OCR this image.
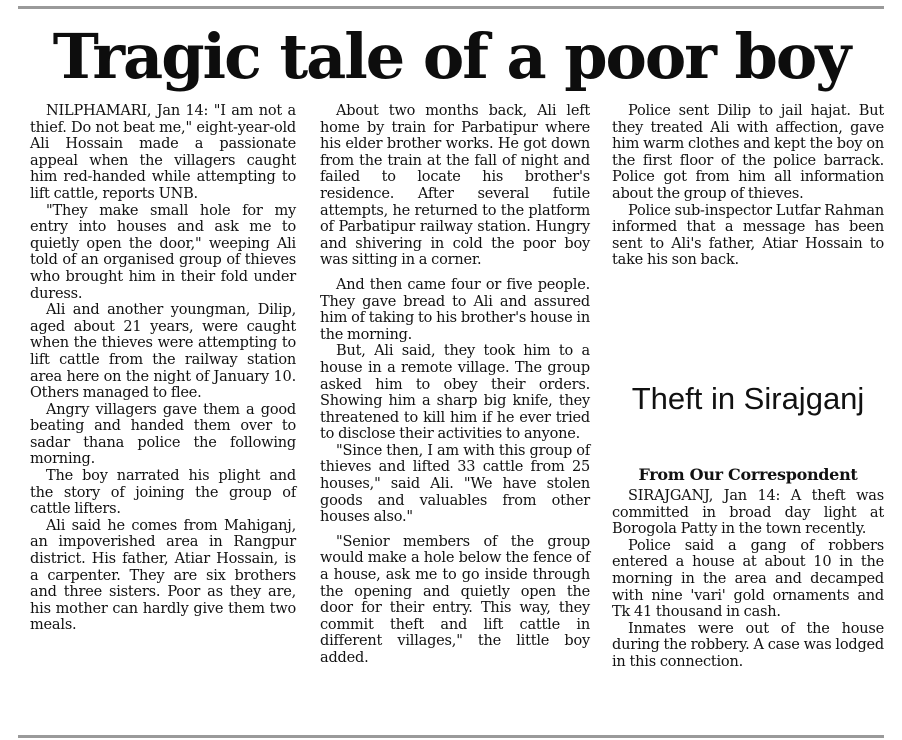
Tragic tale of a poor boy

NILPHAMARI, Jan 14: "I am not a thief. Do not beat me," eight-year-old Ali Hossain made a passionate appeal when the villagers caught him red-handed while attempting to lift cattle, reports UNB.

"They make small hole for my entry into houses and ask me to quietly open the door," weeping Ali told of an organised group of thieves who brought him in their fold under duress.

Ali and another youngman, Dilip, aged about 21 years, were caught when the thieves were attempting to lift cattle from the railway station area here on the night of January 10. Others managed to flee.

Angry villagers gave them a good beating and handed them over to sadar thana police the following morning.

The boy narrated his plight and the story of joining the group of cattle lifters.

Ali said he comes from Mahiganj, an impoverished area in Rangpur district. His father, Atiar Hossain, is a carpenter. They are six brothers and three sisters. Poor as they are, his mother can hardly give them two meals.

About two months back, Ali left home by train for Parbatipur where his elder brother works. He got down from the train at the fall of night and failed to locate his brother's residence. After several futile attempts, he returned to the platform of Parbatipur railway station. Hungry and shivering in cold the poor boy was sitting in a corner.

And then came four or five people. They gave bread to Ali and assured him of taking to his brother's house in the morning.

But, Ali said, they took him to a house in a remote village. The group asked him to obey their orders. Showing him a sharp big knife, they threatened to kill him if he ever tried to disclose their activities to anyone.

"Since then, I am with this group of thieves and lifted 33 cattle from 25 houses," said Ali. "We have stolen goods and valuables from other houses also."

"Senior members of the group would make a hole below the fence of a house, ask me to go inside through the opening and quietly open the door for their entry. This way, they commit theft and lift cattle in different villages," the little boy added.

Police sent Dilip to jail hajat. But they treated Ali with affection, gave him warm clothes and kept the boy on the first floor of the police barrack. Police got from him all information about the group of thieves.

Police sub-inspector Lutfar Rahman informed that a message has been sent to Ali's father, Atiar Hossain to take his son back.

Theft in Sirajganj
From Our Correspondent

SIRAJGANJ, Jan 14: A theft was committed in broad day light at Borogola Patty in the town recently.

Police said a gang of robbers entered a house at about 10 in the morning in the area and decamped with nine 'vari' gold ornaments and Tk 41 thousand in cash.

Inmates were out of the house during the robbery. A case was lodged in this connection.
